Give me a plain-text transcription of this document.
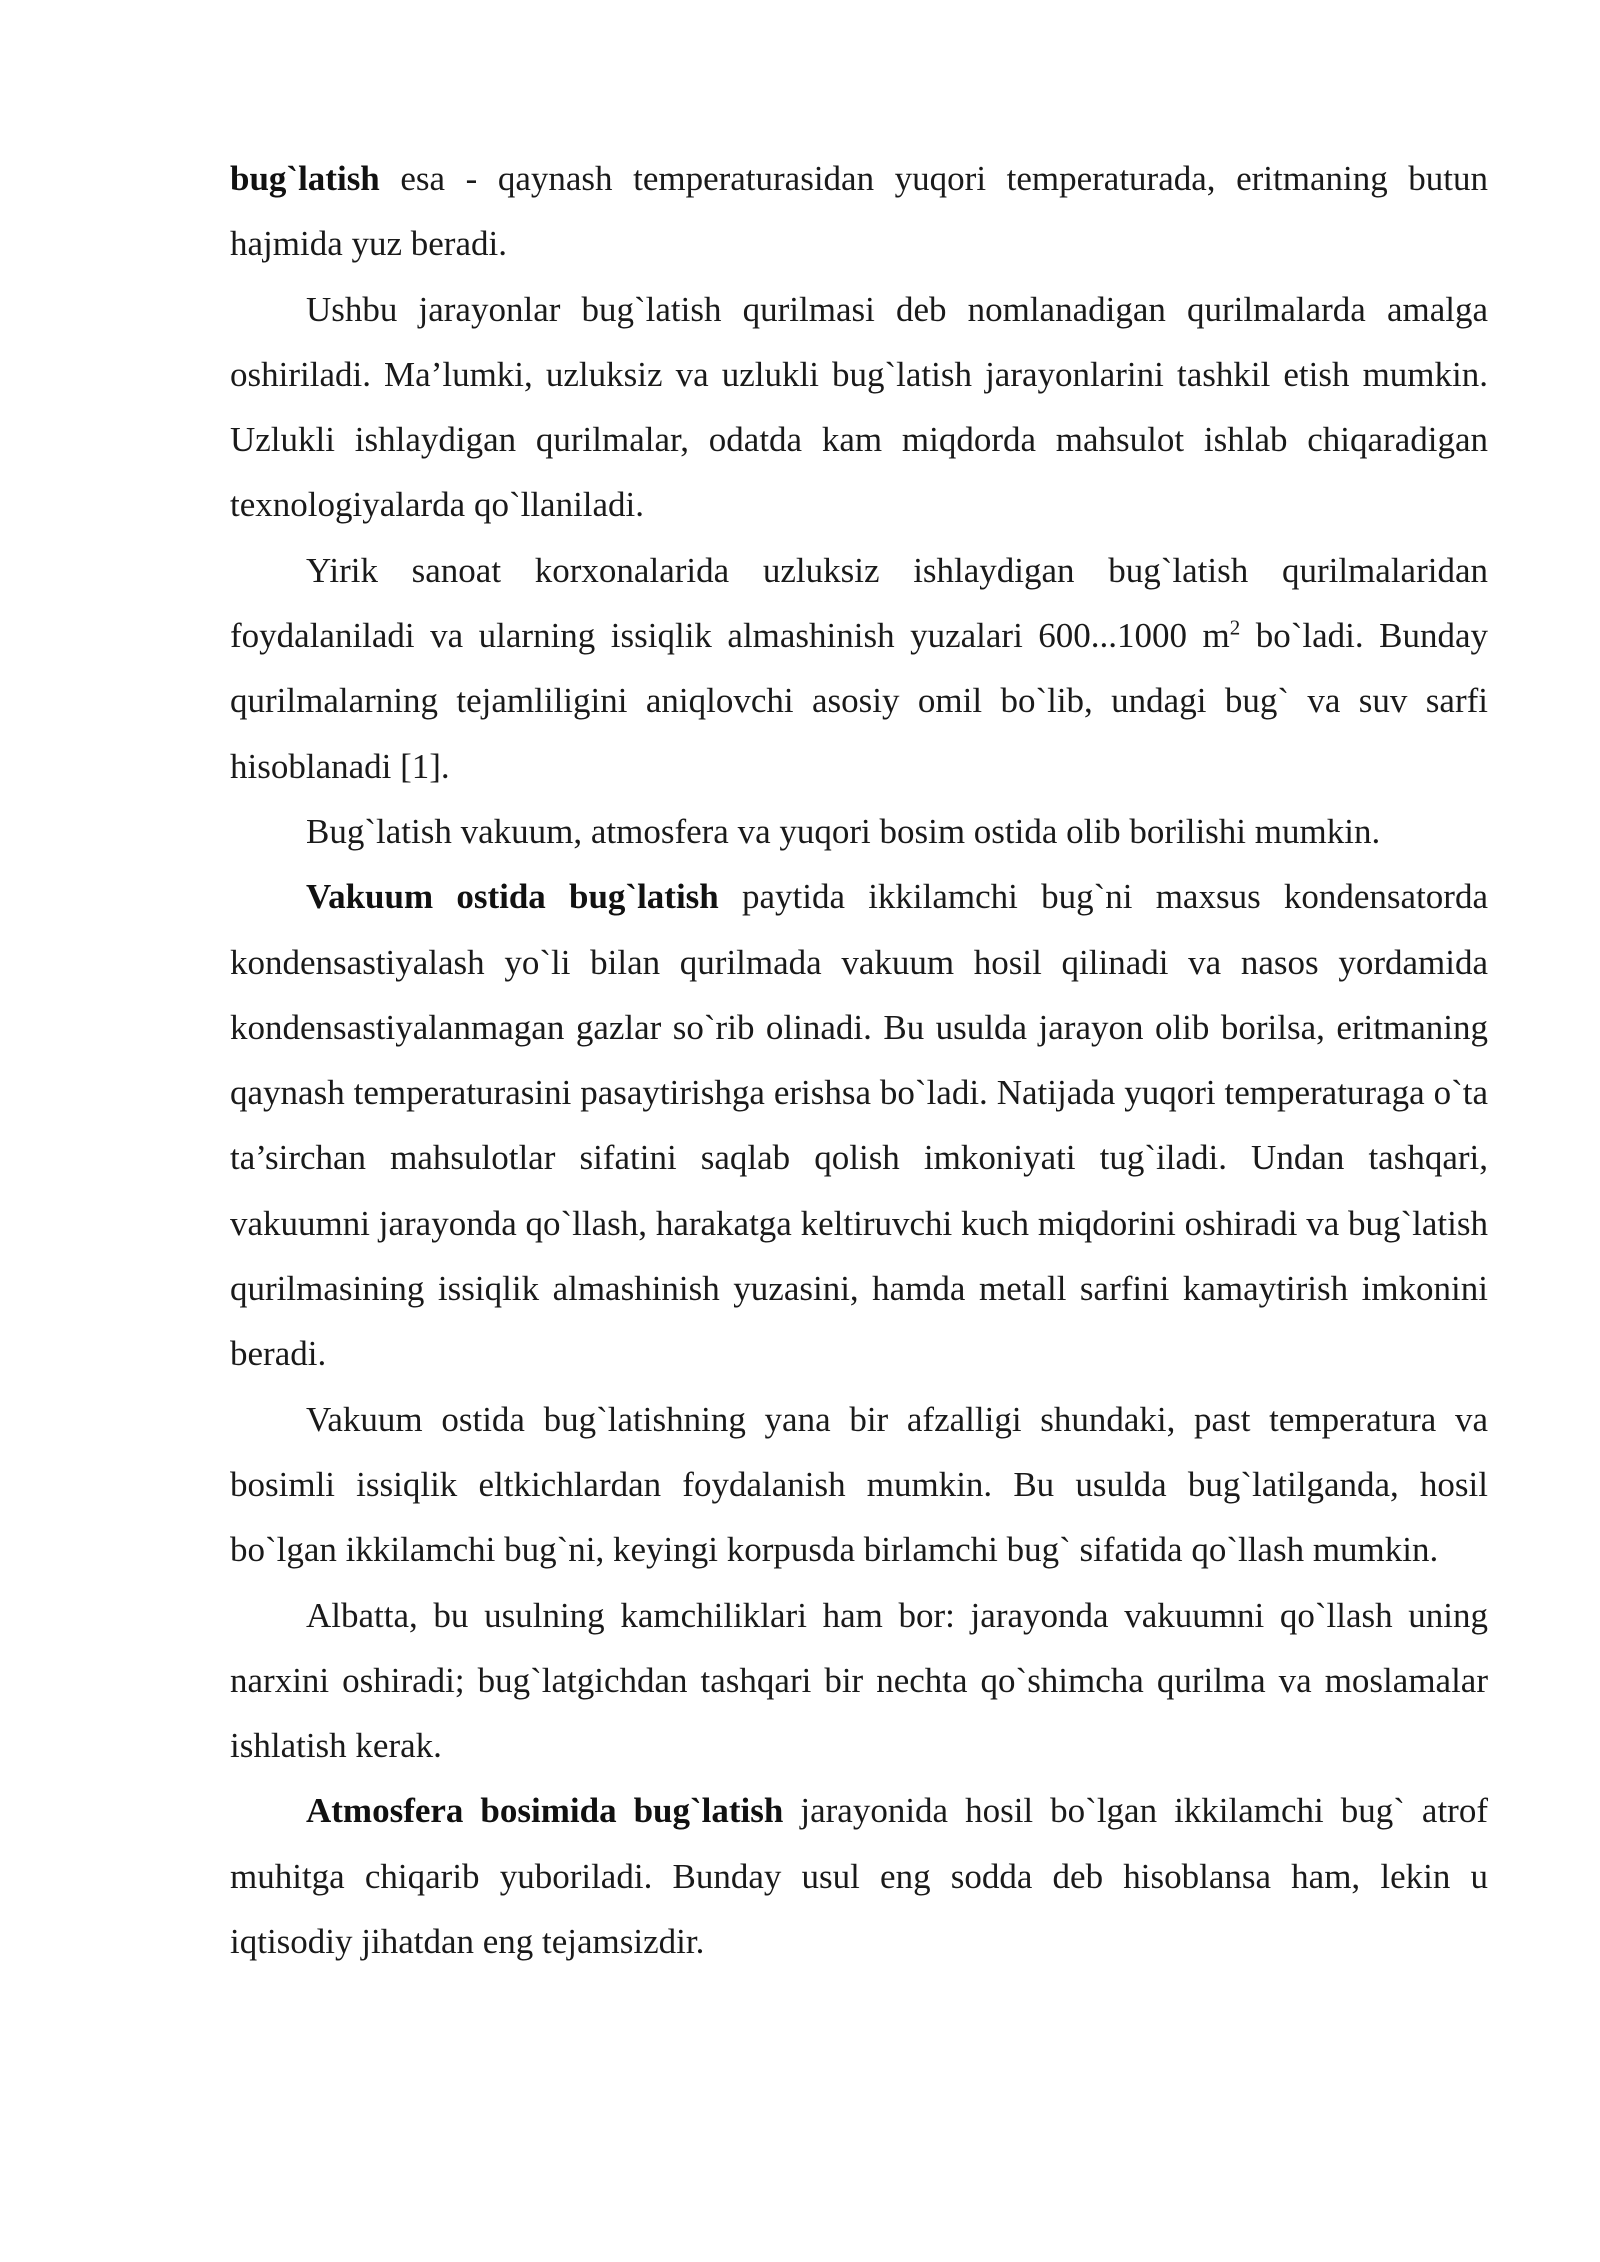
bug`latish esa - qaynash temperaturasidan yuqori temperaturada, eritmaning butun hajmida yuz beradi.

Ushbu jarayonlar bug`latish qurilmasi deb nomlanadigan qurilmalarda amalga oshiriladi. Ma’lumki, uzluksiz va uzlukli bug`latish jarayonlarini tashkil etish mumkin. Uzlukli ishlaydigan qurilmalar, odatda kam miqdorda mahsulot ishlab chiqaradigan texnologiyalarda qo`llaniladi.

Yirik sanoat korxonalarida uzluksiz ishlaydigan bug`latish qurilmalaridan foydalaniladi va ularning issiqlik almashinish yuzalari 600...1000 $m^2$ bo`ladi. Bunday qurilmalarning tejamliligini aniqlovchi asosiy omil bo`lib, undagi bug` va suv sarfi hisoblanadi [1].

Bug`latish vakuum, atmosfera va yuqori bosim ostida olib borilishi mumkin.

Vakuum ostida bug`latish paytida ikkilamchi bug`ni maxsus kondensatorda kondensastiyalash yo`li bilan qurilmada vakuum hosil qilinadi va nasos yordamida kondensastiyalanmagan gazlar so`rib olinadi. Bu usulda jarayon olib borilsa, eritmaning qaynash temperaturasini pasaytirishga erishsa bo`ladi. Natijada yuqori temperaturaga o`ta ta’sirchan mahsulotlar sifatini saqlab qolish imkoniyati tug`iladi. Undan tashqari, vakuumni jarayonda qo`llash, harakatga keltiruvchi kuch miqdorini oshiradi va bug`latish qurilmasining issiqlik almashinish yuzasini, hamda metall sarfini kamaytirish imkonini beradi.

Vakuum ostida bug`latishning yana bir afzalligi shundaki, past temperatura va bosimli issiqlik eltkichlardan foydalanish mumkin. Bu usulda bug`latilganda, hosil bo`lgan ikkilamchi bug`ni, keyingi korpusda birlamchi bug` sifatida qo`llash mumkin.

Albatta, bu usulning kamchiliklari ham bor: jarayonda vakuumni qo`llash uning narxini oshiradi; bug`latgichdan tashqari bir nechta qo`shimcha qurilma va moslamalar ishlatish kerak.

Atmosfera bosimida bug`latish jarayonida hosil bo`lgan ikkilamchi bug` atrof muhitga chiqarib yuboriladi. Bunday usul eng sodda deb hisoblansa ham, lekin u iqtisodiy jihatdan eng tejamsizdir.
